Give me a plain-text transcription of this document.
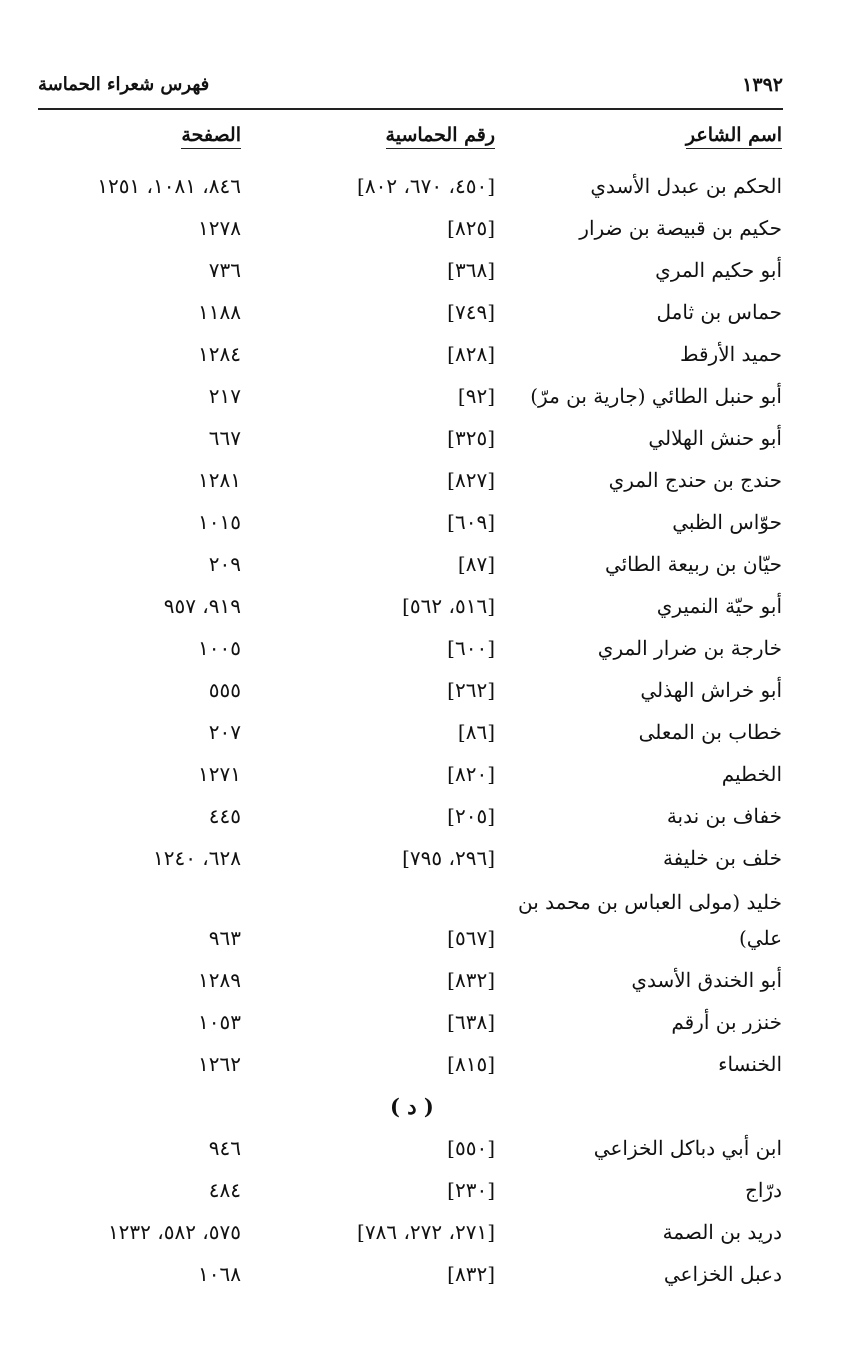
١٣٩٢
فهرس شعراء الحماسة
اسم الشاعر
رقم الحماسية
الصفحة
الحكم بن عبدل الأسدي
[٤٥٠، ٦٧٠، ٨٠٢]
٨٤٦، ١٠٨١، ١٢٥١
حكيم بن قبيصة بن ضرار
[٨٢٥]
١٢٧٨
أبو حكيم المري
[٣٦٨]
٧٣٦
حماس بن ثامل
[٧٤٩]
١١٨٨
حميد الأرقط
[٨٢٨]
١٢٨٤
أبو حنبل الطائي (جارية بن مرّ)
[٩٢]
٢١٧
أبو حنش الهلالي
[٣٢٥]
٦٦٧
حندج بن حندج المري
[٨٢٧]
١٢٨١
حوّاس الظبي
[٦٠٩]
١٠١٥
حيّان بن ربيعة الطائي
[٨٧]
٢٠٩
أبو حيّة النميري
[٥١٦، ٥٦٢]
٩١٩، ٩٥٧
خارجة بن ضرار المري
[٦٠٠]
١٠٠٥
أبو خراش الهذلي
[٢٦٢]
٥٥٥
خطاب بن المعلى
[٨٦]
٢٠٧
الخطيم
[٨٢٠]
١٢٧١
خفاف بن ندبة
[٢٠٥]
٤٤٥
خلف بن خليفة
[٢٩٦، ٧٩٥]
٦٢٨، ١٢٤٠
خليد (مولى العباس بن محمد بن علي)
[٥٦٧]
٩٦٣
أبو الخندق الأسدي
[٨٣٢]
١٢٨٩
خنزر بن أرقم
[٦٣٨]
١٠٥٣
الخنساء
[٨١٥]
١٢٦٢
( د )
ابن أبي دباكل الخزاعي
[٥٥٠]
٩٤٦
درّاج
[٢٣٠]
٤٨٤
دريد بن الصمة
[٢٧١، ٢٧٢، ٧٨٦]
٥٧٥، ٥٨٢، ١٢٣٢
دعبل الخزاعي
[٨٣٢]
١٠٦٨
